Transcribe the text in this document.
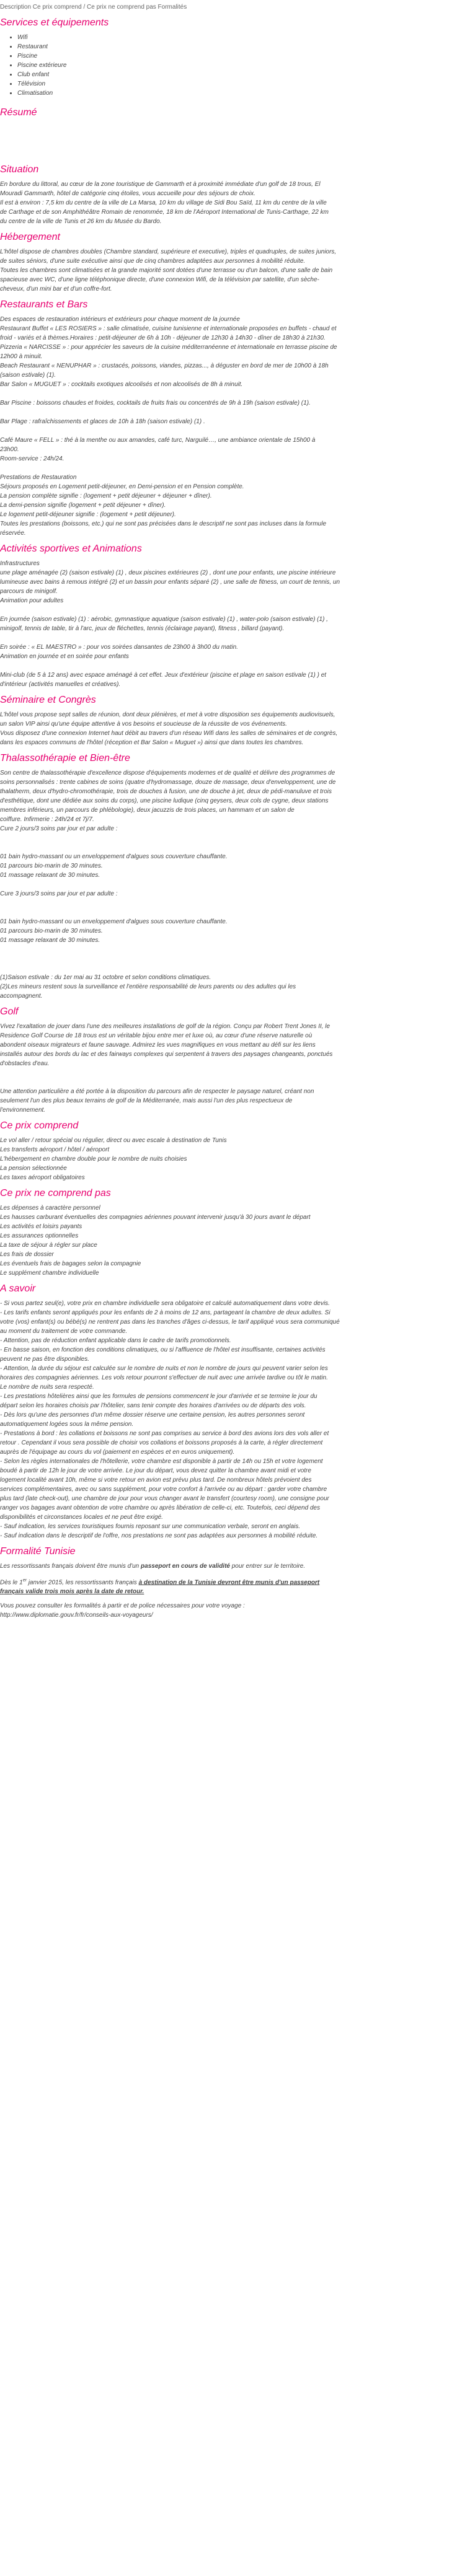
Description Ce prix comprend / Ce prix ne comprend pas Formalités
Services et équipements
• Wifi
• Restaurant
• Piscine
• Piscine extérieure
• Club enfant
• Télévision
• Climatisation
Résumé
Situation

En bordure du littoral, au cœur de la zone touristique de Gammarth et à proximité immédiate d'un golf de 18 trous, El

Mouradi Gammarth, hôtel de catégorie cinq étoiles, vous accueille pour des séjours de choix.

Il est à environ : 7,5 km du centre de la ville de La Marsa, 10 km du village de Sidi Bou Saïd, 11 km du centre de la ville

de Carthage et de son Amphithéâtre Romain de renommée, 18 km de l'Aéroport International de Tunis-Carthage, 22 km

du centre de la ville de Tunis et 26 km du Musée du Bardo.

Hébergement

L'hôtel dispose de chambres doubles (Chambre standard, supérieure et executive), triples et quadruples, de suites juniors,

de suites séniors, d'une suite exécutive ainsi que de cinq chambres adaptées aux personnes à mobilité réduite.

Toutes les chambres sont climatisées et la grande majorité sont dotées d'une terrasse ou d'un balcon, d'une salle de bain

spacieuse avec WC, d'une ligne téléphonique directe, d'une connexion Wifi, de la télévision par satellite, d'un sèche-

cheveux, d'un mini bar et d'un coffre-fort.

Restaurants et Bars

Des espaces de restauration intérieurs et extérieurs pour chaque moment de la journée

Restaurant Buffet « LES ROSIERS » : salle climatisée, cuisine tunisienne et internationale proposées en buffets - chaud et

froid - variés et à thèmes.Horaires : petit-déjeuner de 6h à 10h - déjeuner de 12h30 à 14h30 - dîner de 18h30 à 21h30.

Pizzeria « NARCISSE » : pour apprécier les saveurs de la cuisine méditerranéenne et internationale en terrasse piscine de

12h00 à minuit.

Beach Restaurant « NENUPHAR » : crustacés, poissons, viandes, pizzas..., à déguster en bord de mer de 10h00 à 18h

(saison estivale) (1).

Bar Salon « MUGUET » : cocktails exotiques alcoolisés et non alcoolisés de 8h à minuit.

Bar Piscine : boissons chaudes et froides, cocktails de fruits frais ou concentrés de 9h à 19h (saison estivale) (1).

Bar Plage : rafraîchissements et glaces de 10h à 18h (saison estivale) (1) .

Café Maure « FELL » : thé à la menthe ou aux amandes, café turc, Narguilé…, une ambiance orientale de 15h00 à

23h00.

Room-service : 24h/24.

Prestations de Restauration

Séjours proposés en Logement petit-déjeuner, en Demi-pension et en Pension complète.

La pension complète signifie : (logement + petit déjeuner + déjeuner + dîner).

La demi-pension signifie (logement + petit déjeuner + dîner).

Le logement petit-déjeuner signifie : (logement + petit déjeuner).

Toutes les prestations (boissons, etc.) qui ne sont pas précisées dans le descriptif ne sont pas incluses dans la formule

réservée.

Activités sportives et Animations

Infrastructures

une plage aménagée (2) (saison estivale) (1) , deux piscines extérieures (2) , dont une pour enfants, une piscine intérieure

lumineuse avec bains à remous intégré (2) et un bassin pour enfants séparé (2) , une salle de fitness, un court de tennis, un

parcours de minigolf.

Animation pour adultes

En journée (saison estivale) (1) : aérobic, gymnastique aquatique (saison estivale) (1) , water-polo (saison estivale) (1) ,

minigolf, tennis de table, tir à l'arc, jeux de fléchettes, tennis (éclairage payant), fitness , billard (payant).

En soirée : « EL MAESTRO » : pour vos soirées dansantes de 23h00 à 3h00 du matin.

Animation en journée et en soirée pour enfants

Mini-club (de 5 à 12 ans) avec espace aménagé à cet effet. Jeux d'extérieur (piscine et plage en saison estivale (1) ) et

d'intérieur (activités manuelles et créatives).

Séminaire et Congrès

L'hôtel vous propose sept salles de réunion, dont deux plénières, et met à votre disposition ses équipements audiovisuels,

un salon VIP ainsi qu'une équipe attentive à vos besoins et soucieuse de la réussite de vos événements.

Vous disposez d'une connexion Internet haut débit au travers d'un réseau Wifi dans les salles de séminaires et de congrès,

dans les espaces communs de l'hôtel (réception et Bar Salon « Muguet ») ainsi que dans toutes les chambres.

Thalassothérapie et Bien-être

Son centre de thalassothérapie d'excellence dispose d'équipements modernes et de qualité et délivre des programmes de

soins personnalisés : trente cabines de soins (quatre d'hydromassage, douze de massage, deux d'enveloppement, une de

thalatherm, deux d'hydro-chromothérapie, trois de douches à fusion, une de douche à jet, deux de pédi-manuluve et trois

d'esthétique, dont une dédiée aux soins du corps), une piscine ludique (cinq geysers, deux cols de cygne, deux stations

membres inférieurs, un parcours de phlébologie), deux jacuzzis de trois places, un hammam et un salon de

coiffure. Infirmerie : 24h/24 et 7j/7.

Cure 2 jours/3 soins par jour et par adulte :

01 bain hydro-massant ou un enveloppement d'algues sous couverture chauffante.

01 parcours bio-marin de 30 minutes.

01 massage relaxant de 30 minutes.

Cure 3 jours/3 soins par jour et par adulte :

01 bain hydro-massant ou un enveloppement d'algues sous couverture chauffante.

01 parcours bio-marin de 30 minutes.

01 massage relaxant de 30 minutes.

(1)Saison estivale : du 1er mai au 31 octobre et selon conditions climatiques.

(2)Les mineurs restent sous la surveillance et l'entière responsabilité de leurs parents ou des adultes qui les

accompagnent.

Golf

Vivez l'exaltation de jouer dans l'une des meilleures installations de golf de la région. Conçu par Robert Trent Jones II, le

Residence Golf Course de 18 trous est un véritable bijou entre mer et luxe où, au cœur d'une réserve naturelle où

abondent oiseaux migrateurs et faune sauvage. Admirez les vues magnifiques en vous mettant au défi sur les liens

installés autour des bords du lac et des fairways complexes qui serpentent à travers des paysages changeants, ponctués

d'obstacles d'eau.

Une attention particulière a été portée à la disposition du parcours afin de respecter le paysage naturel, créant non

seulement l'un des plus beaux terrains de golf de la Méditerranée, mais aussi l'un des plus respectueux de

l'environnement.

Ce prix comprend

Le vol aller / retour spécial ou régulier, direct ou avec escale à destination de Tunis

Les transferts aéroport / hôtel / aéroport

L'hébergement en chambre double pour le nombre de nuits choisies

La pension sélectionnée

Les taxes aéroport obligatoires

Ce prix ne comprend pas

Les dépenses à caractère personnel

Les hausses carburant éventuelles des compagnies aériennes pouvant intervenir jusqu'à 30 jours avant le départ

Les activités et loisirs payants

Les assurances optionnelles

La taxe de séjour à régler sur place

Les frais de dossier

Les éventuels frais de bagages selon la compagnie

Le supplément chambre individuelle

A savoir

- Si vous partez seul(e), votre prix en chambre individuelle sera obligatoire et calculé automatiquement dans votre devis.

- Les tarifs enfants seront appliqués pour les enfants de 2 à moins de 12 ans, partageant la chambre de deux adultes. Si

votre (vos) enfant(s) ou bébé(s) ne rentrent pas dans les tranches d'âges ci-dessus, le tarif appliqué vous sera communiqué

au moment du traitement de votre commande.

- Attention, pas de réduction enfant applicable dans le cadre de tarifs promotionnels.

- En basse saison, en fonction des conditions climatiques, ou si l'affluence de l'hôtel est insuffisante, certaines activités

peuvent ne pas être disponibles.

- Attention, la durée du séjour est calculée sur le nombre de nuits et non le nombre de jours qui peuvent varier selon les

horaires des compagnies aériennes. Les vols retour pourront s'effectuer de nuit avec une arrivée tardive ou tôt le matin.

Le nombre de nuits sera respecté.

- Les prestations hôtelières ainsi que les formules de pensions commencent le jour d'arrivée et se termine le jour du

départ selon les horaires choisis par l'hôtelier, sans tenir compte des horaires d'arrivées ou de départs des vols.

- Dès lors qu'une des personnes d'un même dossier réserve une certaine pension, les autres personnes seront

automatiquement logées sous la même pension.

- Prestations à bord : les collations et boissons ne sont pas comprises au service à bord des avions lors des vols aller et

retour . Cependant il vous sera possible de choisir vos collations et boissons proposés à la carte, à régler directement

auprès de l'équipage au cours du vol (paiement en espèces et en euros uniquement).

- Selon les règles internationales de l'hôtellerie, votre chambre est disponible à partir de 14h ou 15h et votre logement

boudé à partir de 12h le jour de votre arrivée. Le jour du départ, vous devez quitter la chambre avant midi et votre

logement localité avant 10h, même si votre retour en avion est prévu plus tard. De nombreux hôtels prévoient des

services complémentaires, avec ou sans supplément, pour votre confort à l'arrivée ou au départ : garder votre chambre

plus tard (late check-out), une chambre de jour pour vous changer avant le transfert (courtesy room), une consigne pour

ranger vos bagages avant obtention de votre chambre ou après libération de celle-ci, etc. Toutefois, ceci dépend des

disponibilités et circonstances locales et ne peut être exigé.

- Sauf indication, les services touristiques fournis reposant sur une communication verbale, seront en anglais.

- Sauf indication dans le descriptif de l'offre, nos prestations ne sont pas adaptées aux personnes à mobilité réduite.

Formalité Tunisie

Les ressortissants français doivent être munis d'un passeport en cours de validité pour entrer sur le territoire.

Dès le 1er janvier 2015, les ressortissants français à destination de la Tunisie devront être munis d'un passeport

français valide trois mois après la date de retour.

Vous pouvez consulter les formalités à partir et de police nécessaires pour votre voyage :

http://www.diplomatie.gouv.fr/fr/conseils-aux-voyageurs/
